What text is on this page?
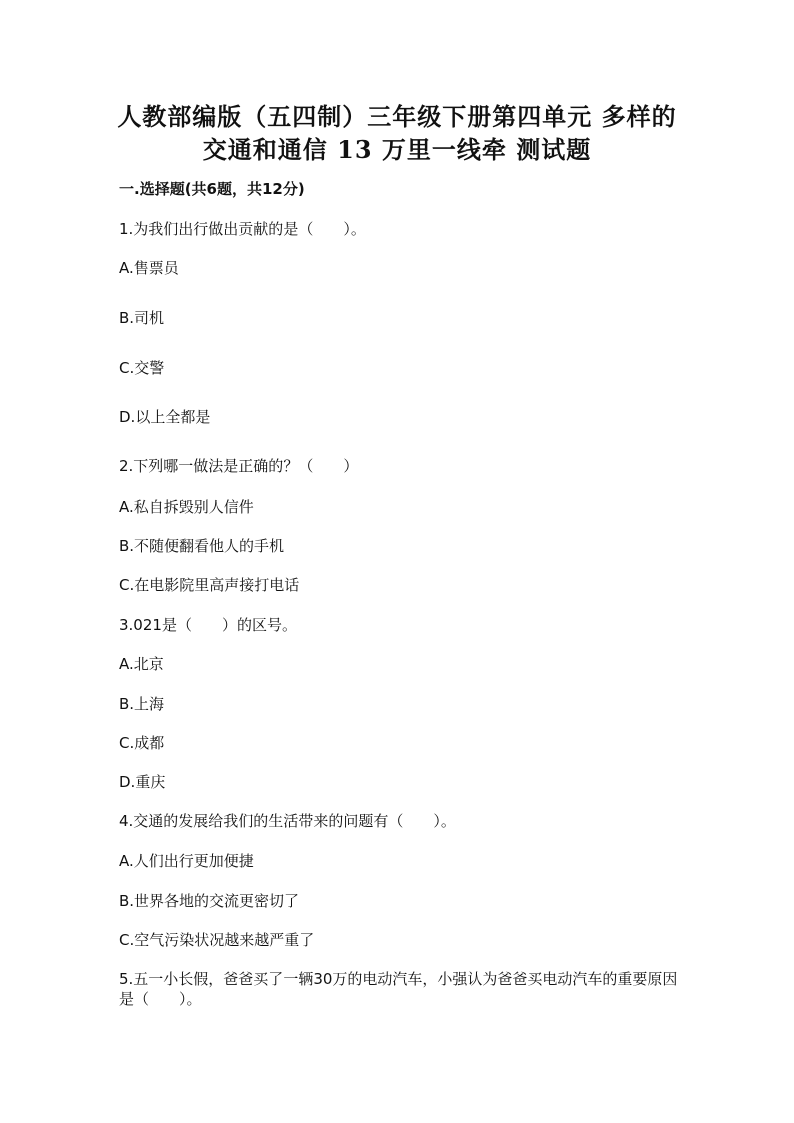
人教部编版（五四制）三年级下册第四单元 多样的
交通和通信 13 万里一线牵 测试题
一.选择题(共6题，共12分)
1.为我们出行做出贡献的是（　　）。
A.售票员
B.司机
C.交警
D.以上全都是
2.下列哪一做法是正确的？（　　）
A.私自拆毁别人信件
B.不随便翻看他人的手机
C.在电影院里高声接打电话
3.021是（　　）的区号。
A.北京
B.上海
C.成都
D.重庆
4.交通的发展给我们的生活带来的问题有（　　）。
A.人们出行更加便捷
B.世界各地的交流更密切了
C.空气污染状况越来越严重了
5.五一小长假，爸爸买了一辆30万的电动汽车，小强认为爸爸买电动汽车的重要原因是（　　）。
